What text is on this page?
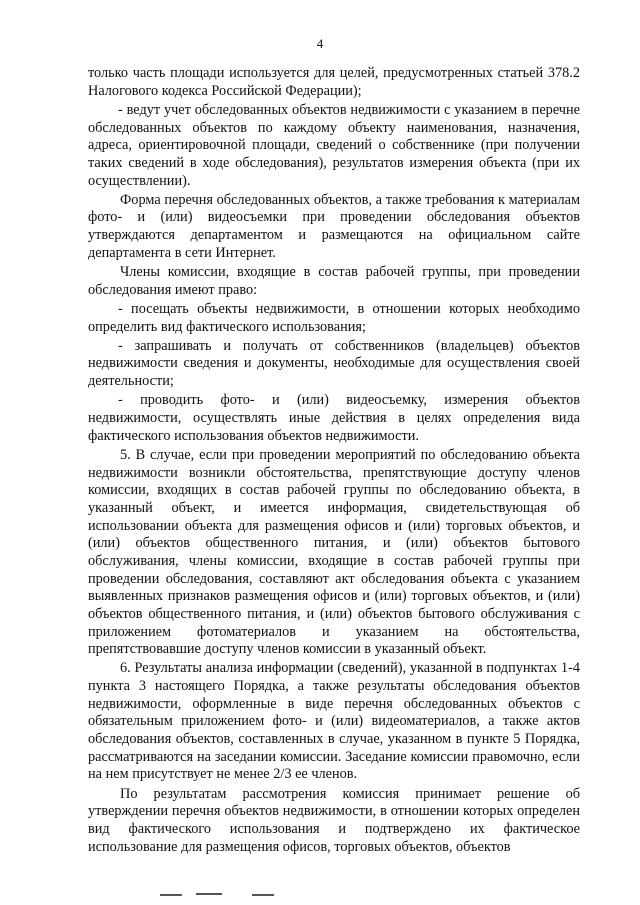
4

только часть площади используется для целей, предусмотренных статьей 378.2 Налогового кодекса Российской Федерации);

- ведут учет обследованных объектов недвижимости с указанием в перечне обследованных объектов по каждому объекту наименования, назначения, адреса, ориентировочной площади, сведений о собственнике (при получении таких сведений в ходе обследования), результатов измерения объекта (при их осуществлении).

Форма перечня обследованных объектов, а также требования к материалам фото- и (или) видеосъемки при проведении обследования объектов утверждаются департаментом и размещаются на официальном сайте департамента в сети Интернет.

Члены комиссии, входящие в состав рабочей группы, при проведении обследования имеют право:

- посещать объекты недвижимости, в отношении которых необходимо определить вид фактического использования;

- запрашивать и получать от собственников (владельцев) объектов недвижимости сведения и документы, необходимые для осуществления своей деятельности;

- проводить фото- и (или) видеосъемку, измерения объектов недвижимости, осуществлять иные действия в целях определения вида фактического использования объектов недвижимости.

5. В случае, если при проведении мероприятий по обследованию объекта недвижимости возникли обстоятельства, препятствующие доступу членов комиссии, входящих в состав рабочей группы по обследованию объекта, в указанный объект, и имеется информация, свидетельствующая об использовании объекта для размещения офисов и (или) торговых объектов, и (или) объектов общественного питания, и (или) объектов бытового обслуживания, члены комиссии, входящие в состав рабочей группы при проведении обследования, составляют акт обследования объекта с указанием выявленных признаков размещения офисов и (или) торговых объектов, и (или) объектов общественного питания, и (или) объектов бытового обслуживания с приложением фотоматериалов и указанием на обстоятельства, препятствовавшие доступу членов комиссии в указанный объект.

6. Результаты анализа информации (сведений), указанной в подпунктах 1-4 пункта 3 настоящего Порядка, а также результаты обследования объектов недвижимости, оформленные в виде перечня обследованных объектов с обязательным приложением фото- и (или) видеоматериалов, а также актов обследования объектов, составленных в случае, указанном в пункте 5 Порядка, рассматриваются на заседании комиссии. Заседание комиссии правомочно, если на нем присутствует не менее 2/3 ее членов.

По результатам рассмотрения комиссия принимает решение об утверждении перечня объектов недвижимости, в отношении которых определен вид фактического использования и подтверждено их фактическое использование для размещения офисов, торговых объектов, объектов
